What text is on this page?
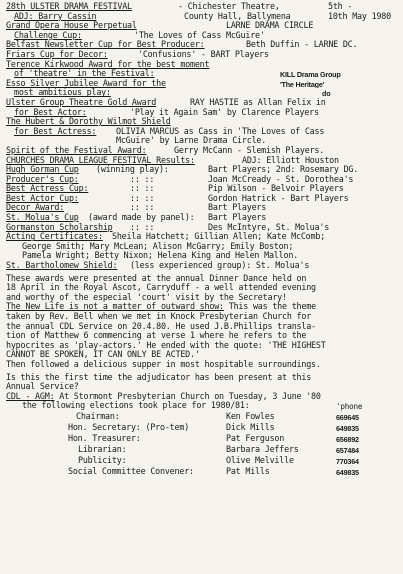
28th ULSTER DRAMA FESTIVAL	- Chichester Theatre,	5th -
ADJ: Barry Cassin	County Hall, Ballymena	10th May 1980
Grand Opera House Perpetual	LARNE DRAMA CIRCLE
Challenge Cup:	'The Loves of Cass McGuire'
Belfast Newsletter Cup for Best Producer:	Beth Duffin - LARNE DC.
Friars Cup for Decor:	'Confusions' - BART Players
Terence Kirkwood Award for the best moment
of 'theatre' in the Festival:	KILL Drama Group
Esso Silver Jubilee Award for the	'The Heritage'
most ambitious play:	do
Ulster Group Theatre Gold Award	RAY HASTIE as Allan Felix in
for Best Actor:	'Play it Again Sam' by Clarence Players
The Hubert & Dorothy Wilmot Shield
for Best Actress: OLIVIA MARCUS as Cass in 'The Loves of Cass
McGuire' by Larne Drama Circle.
Spirit of the Festival Award:	Gerry McCann - Slemish Players.
CHURCHES DRAMA LEAGUE FESTIVAL Results:	ADJ: Elliott Houston
Hugh Gorman Cup (winning play):	Bart Players; 2nd: Rosemary DG.
Producer's Cup:	:: ::	Joan McCready - St. Dorothea's
Best Actress Cup:	:: ::	Pip Wilson - Belvoir Players
Best Actor Cup:	:: ::	Gordon Hatrick - Bart Players
Decor Award:	:: ::	Bart Players
St. Molua's Cup (award made by panel): Bart Players
Gormanston Scholarship :: ::	Des McIntyre, St. Molua's
Acting Certificates: Sheila Hatchett; Gillian Allen; Kate McComb;
George Smith; Mary McLean; Alison McGarry; Emily Boston;
Pamela Wright; Betty Nixon; Helena King and Helen Mallon.
St. Bartholomew Shield: (less experienced group): St. Molua's
These awards were presented at the annual Dinner Dance held on
18 April in the Royal Ascot, Carryduff - a well attended evening
and worthy of the especial 'court' visit by the Secretary!
The New Life is not a matter of outward show: This was the theme
taken by Rev. Bell when we met in Knock Presbyterian Church for
the annual CDL Service on 20.4.80. He used J.B.Phillips transla-
tion of Matthew 6 commencing at verse 1 where he refers to the
hypocrites as 'play-actors.' He ended with the quote: 'THE HIGHEST
CANNOT BE SPOKEN, IT CAN ONLY BE ACTED.'
Then followed a delicious supper in most hospitable surroundings.
Is this the first time the adjudicator has been present at this
Annual Service?
CDL - AGM: At Stormont Presbyterian Church on Tuesday, 3 June '80
the following elections took place for 1980/81:	'phone
Chairman:	Ken Fowles	669645
Hon. Secretary: (Pro-tem)	Dick Mills	649835
Hon. Treasurer:	Pat Ferguson	656892
Librarian:	Barbara Jeffers	657484
Publicity:	Olive Melville	770364
Social Committee Convener:	Pat Mills	649835
